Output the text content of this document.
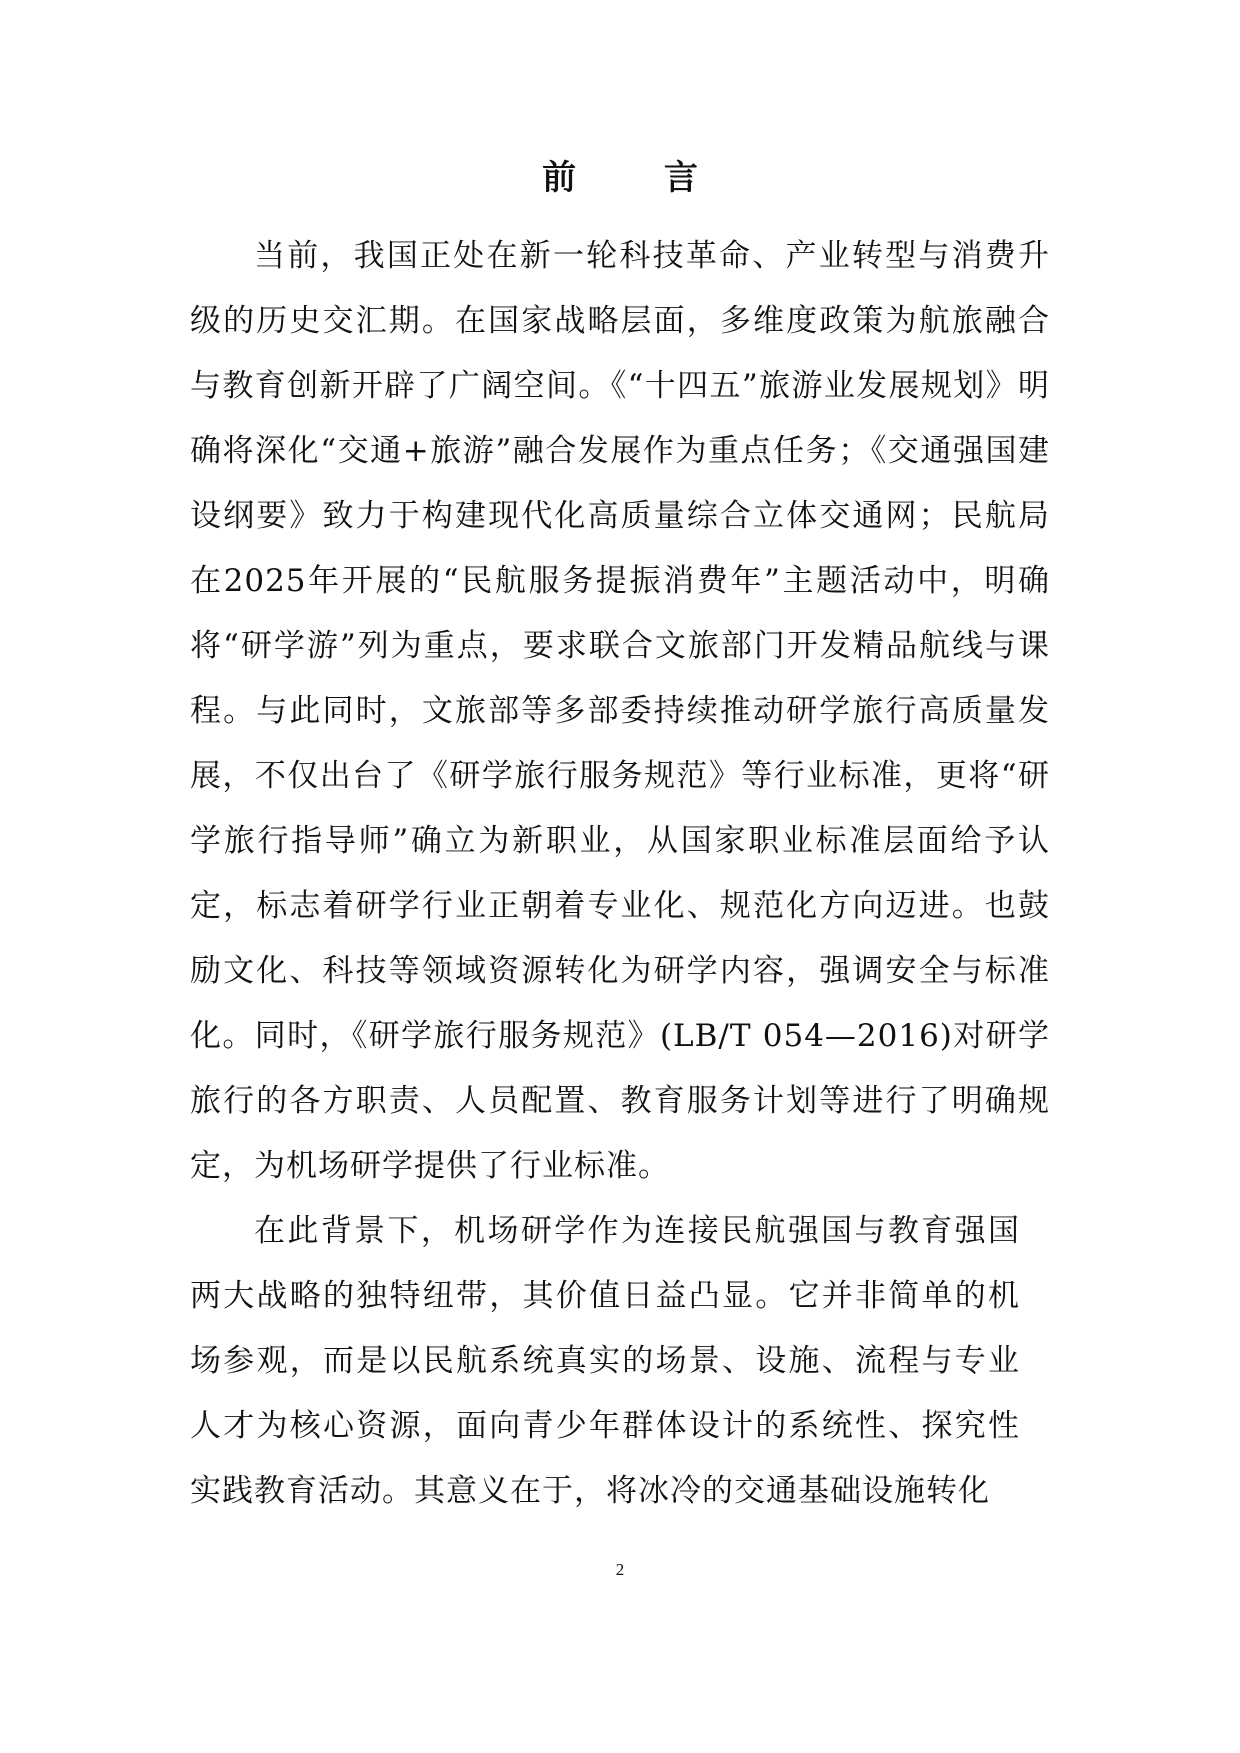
前 言

当前，我国正处在新一轮科技革命、产业转型与消费升级的历史交汇期。在国家战略层面，多维度政策为航旅融合与教育创新开辟了广阔空间。《“十四五”旅游业发展规划》明确将深化“交通+旅游”融合发展作为重点任务；《交通强国建设纲要》致力于构建现代化高质量综合立体交通网；民航局在2025年开展的“民航服务提振消费年”主题活动中，明确将“研学游”列为重点，要求联合文旅部门开发精品航线与课程。与此同时，文旅部等多部委持续推动研学旅行高质量发展，不仅出台了《研学旅行服务规范》等行业标准，更将“研学旅行指导师”确立为新职业，从国家职业标准层面给予认定，标志着研学行业正朝着专业化、规范化方向迈进。也鼓励文化、科技等领域资源转化为研学内容，强调安全与标准化。同时，《研学旅行服务规范》(LB/T 054—2016)对研学旅行的各方职责、人员配置、教育服务计划等进行了明确规定，为机场研学提供了行业标准。

在此背景下，机场研学作为连接民航强国与教育强国两大战略的独特纽带，其价值日益凸显。它并非简单的机场参观，而是以民航系统真实的场景、设施、流程与专业人才为核心资源，面向青少年群体设计的系统性、探究性实践教育活动。其意义在于，将冰冷的交通基础设施转化

2
